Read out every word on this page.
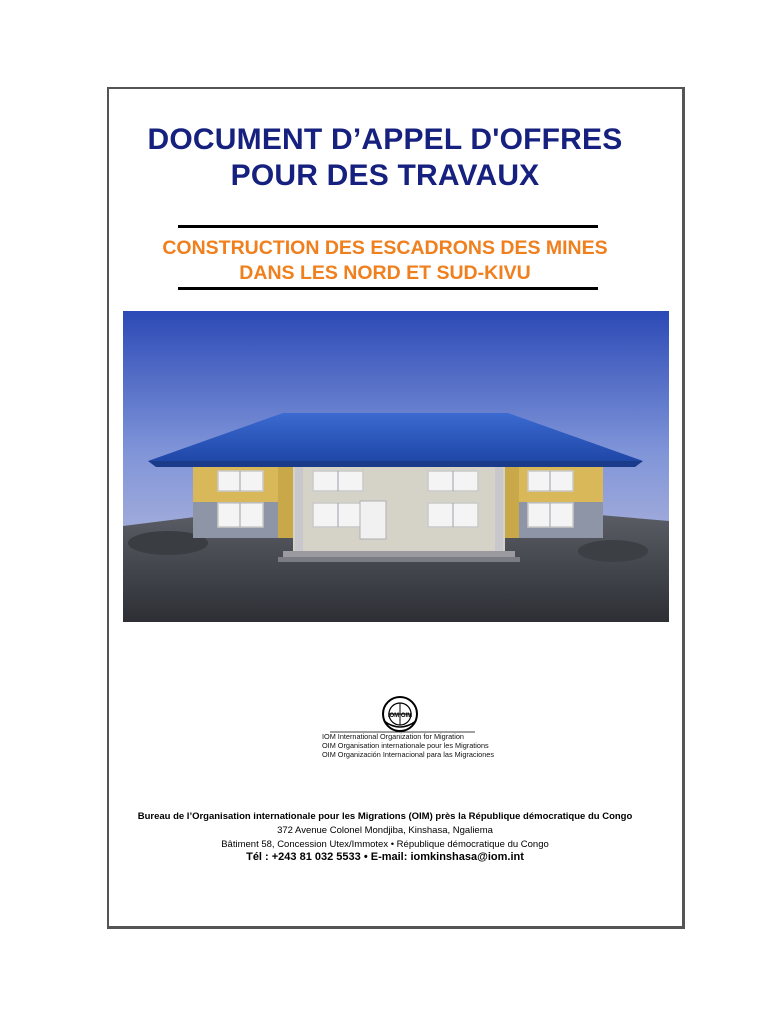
DOCUMENT D’APPEL D'OFFRES
POUR DES TRAVAUX
CONSTRUCTION DES ESCADRONS DES MINES
DANS LES NORD ET SUD-KIVU
IOM OIM
IOM International Organization for Migration
OIM Organisation internationale pour les Migrations
OIM Organización Internacional para las Migraciones
Bureau de l’Organisation internationale pour les Migrations (OIM) près la République démocratique du Congo
372 Avenue Colonel Mondjiba, Kinshasa, Ngaliema
Bâtiment 58, Concession Utex/Immotex • République démocratique du Congo
Tél : +243 81 032 5533 • E-mail: iomkinshasa@iom.int
